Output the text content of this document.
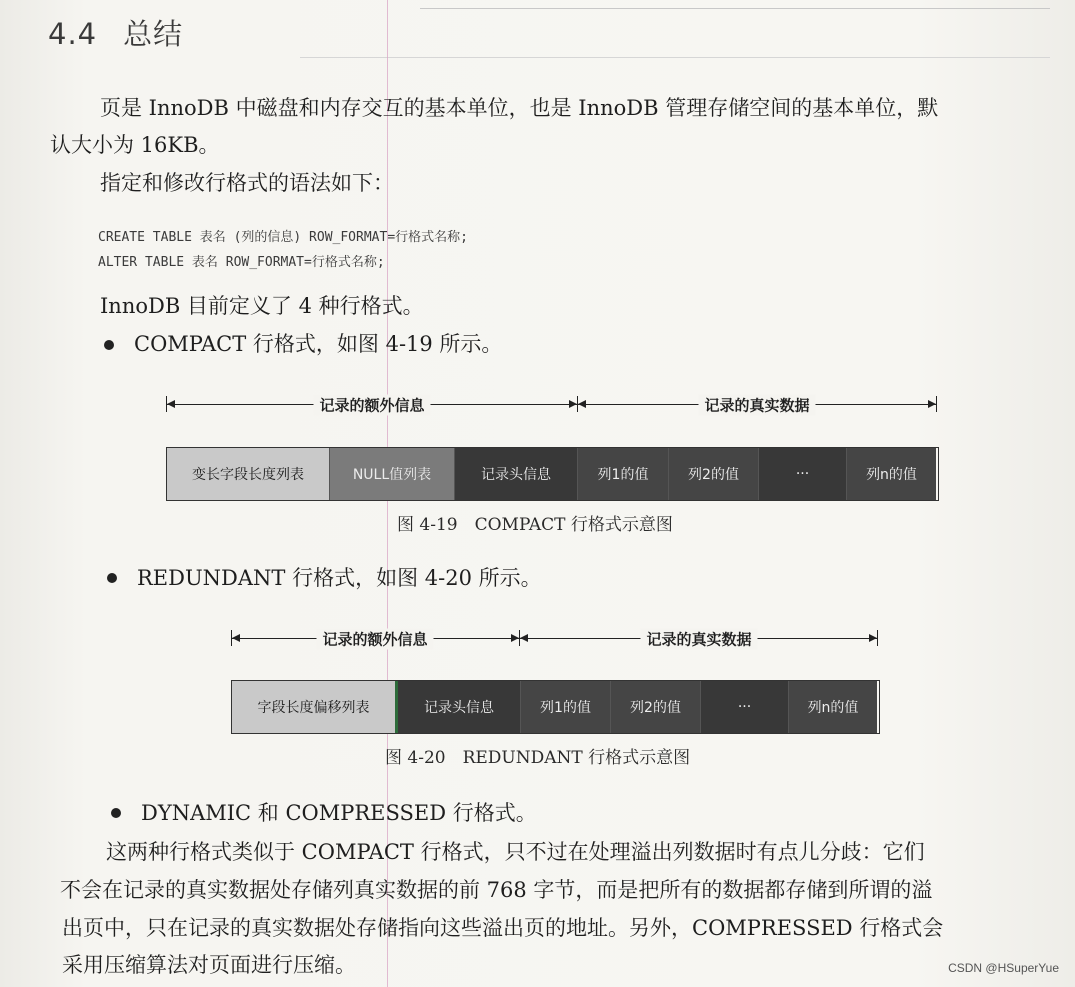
4.4 总结
页是 InnoDB 中磁盘和内存交互的基本单位，也是 InnoDB 管理存储空间的基本单位，默
认大小为 16KB。
指定和修改行格式的语法如下：
CREATE TABLE 表名 (列的信息) ROW_FORMAT=行格式名称;
ALTER TABLE 表名 ROW_FORMAT=行格式名称;
InnoDB 目前定义了 4 种行格式。
COMPACT 行格式，如图 4-19 所示。
记录的额外信息	记录的真实数据
变长字段长度列表	NULL值列表	记录头信息	列1的值	列2的值	···	列n的值
图 4-19　COMPACT 行格式示意图
REDUNDANT 行格式，如图 4-20 所示。
记录的额外信息	记录的真实数据
字段长度偏移列表	记录头信息	列1的值	列2的值	···	列n的值
图 4-20　REDUNDANT 行格式示意图
DYNAMIC 和 COMPRESSED 行格式。
这两种行格式类似于 COMPACT 行格式，只不过在处理溢出列数据时有点儿分歧：它们
不会在记录的真实数据处存储列真实数据的前 768 字节，而是把所有的数据都存储到所谓的溢
出页中，只在记录的真实数据处存储指向这些溢出页的地址。另外，COMPRESSED 行格式会
采用压缩算法对页面进行压缩。	CSDN @HSuperYue
